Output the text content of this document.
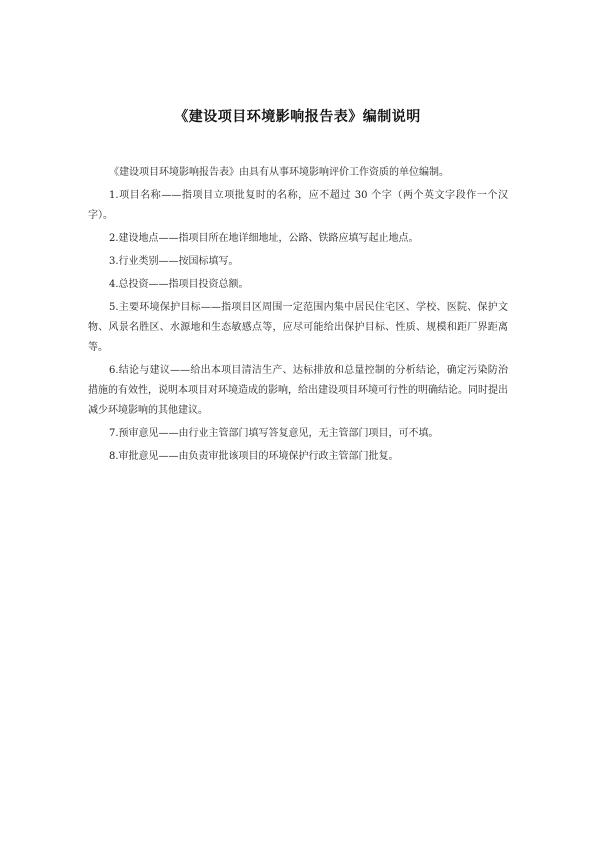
《建设项目环境影响报告表》编制说明

《建设项目环境影响报告表》由具有从事环境影响评价工作资质的单位编制。

1.项目名称——指项目立项批复时的名称，应不超过 30 个字（两个英文字段作一个汉字）。

2.建设地点——指项目所在地详细地址，公路、铁路应填写起止地点。

3.行业类别——按国标填写。

4.总投资——指项目投资总额。

5.主要环境保护目标——指项目区周围一定范围内集中居民住宅区、学校、医院、保护文物、风景名胜区、水源地和生态敏感点等，应尽可能给出保护目标、性质、规模和距厂界距离等。

6.结论与建议——给出本项目清洁生产、达标排放和总量控制的分析结论，确定污染防治措施的有效性，说明本项目对环境造成的影响，给出建设项目环境可行性的明确结论。同时提出减少环境影响的其他建议。

7.预审意见——由行业主管部门填写答复意见，无主管部门项目，可不填。

8.审批意见——由负责审批该项目的环境保护行政主管部门批复。
